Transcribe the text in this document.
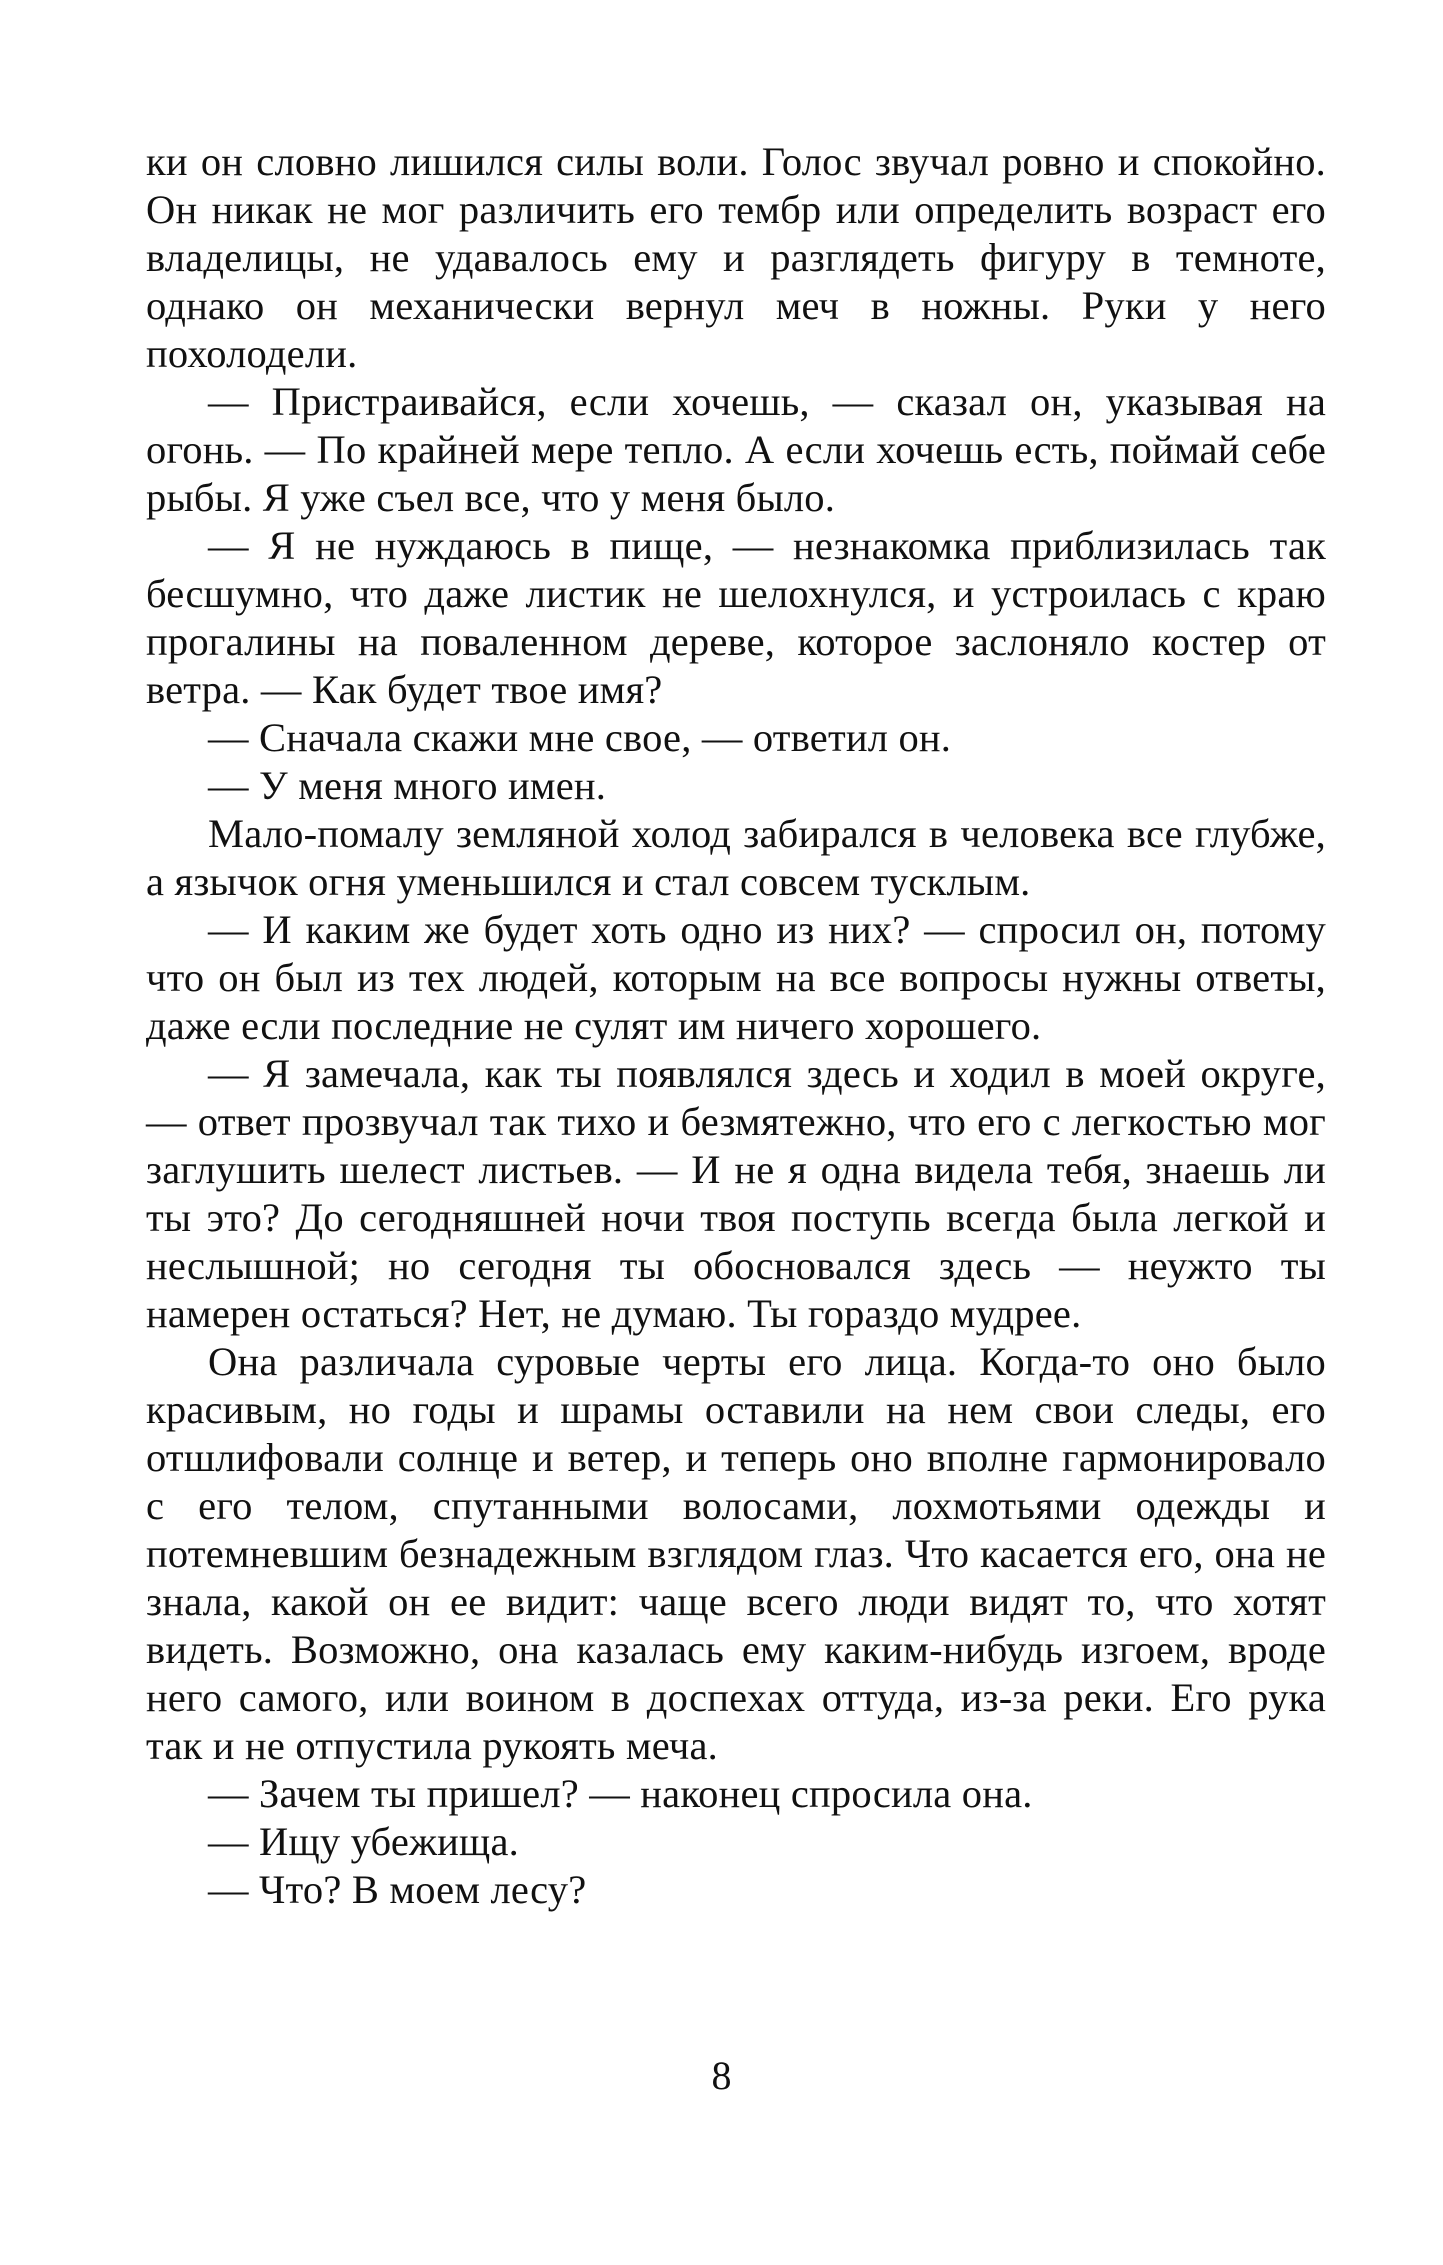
ки он словно лишился силы воли. Голос звучал ровно и спокойно. Он никак не мог различить его тембр или определить возраст его владелицы, не удавалось ему и разглядеть фигуру в темноте, однако он механически вернул меч в ножны. Руки у него похолодели.

— Пристраивайся, если хочешь, — сказал он, указывая на огонь. — По крайней мере тепло. А если хочешь есть, поймай себе рыбы. Я уже съел все, что у меня было.

— Я не нуждаюсь в пище, — незнакомка приблизилась так бесшумно, что даже листик не шелохнулся, и устроилась с краю прогалины на поваленном дереве, которое заслоняло костер от ветра. — Как будет твое имя?

— Сначала скажи мне свое, — ответил он.

— У меня много имен.

Мало-помалу земляной холод забирался в человека все глубже, а язычок огня уменьшился и стал совсем тусклым.

— И каким же будет хоть одно из них? — спросил он, потому что он был из тех людей, которым на все вопросы нужны ответы, даже если последние не сулят им ничего хорошего.

— Я замечала, как ты появлялся здесь и ходил в моей округе, — ответ прозвучал так тихо и безмятежно, что его с легкостью мог заглушить шелест листьев. — И не я одна видела тебя, знаешь ли ты это? До сегодняшней ночи твоя поступь всегда была легкой и неслышной; но сегодня ты обосновался здесь — неужто ты намерен остаться? Нет, не думаю. Ты гораздо мудрее.

Она различала суровые черты его лица. Когда-то оно было красивым, но годы и шрамы оставили на нем свои следы, его отшлифовали солнце и ветер, и теперь оно вполне гармонировало с его телом, спутанными волосами, лохмотьями одежды и потемневшим безнадежным взглядом глаз. Что касается его, она не знала, какой он ее видит: чаще всего люди видят то, что хотят видеть. Возможно, она казалась ему каким-нибудь изгоем, вроде него самого, или воином в доспехах оттуда, из-за реки. Его рука так и не отпустила рукоять меча.

— Зачем ты пришел? — наконец спросила она.

— Ищу убежища.

— Что? В моем лесу?

8
